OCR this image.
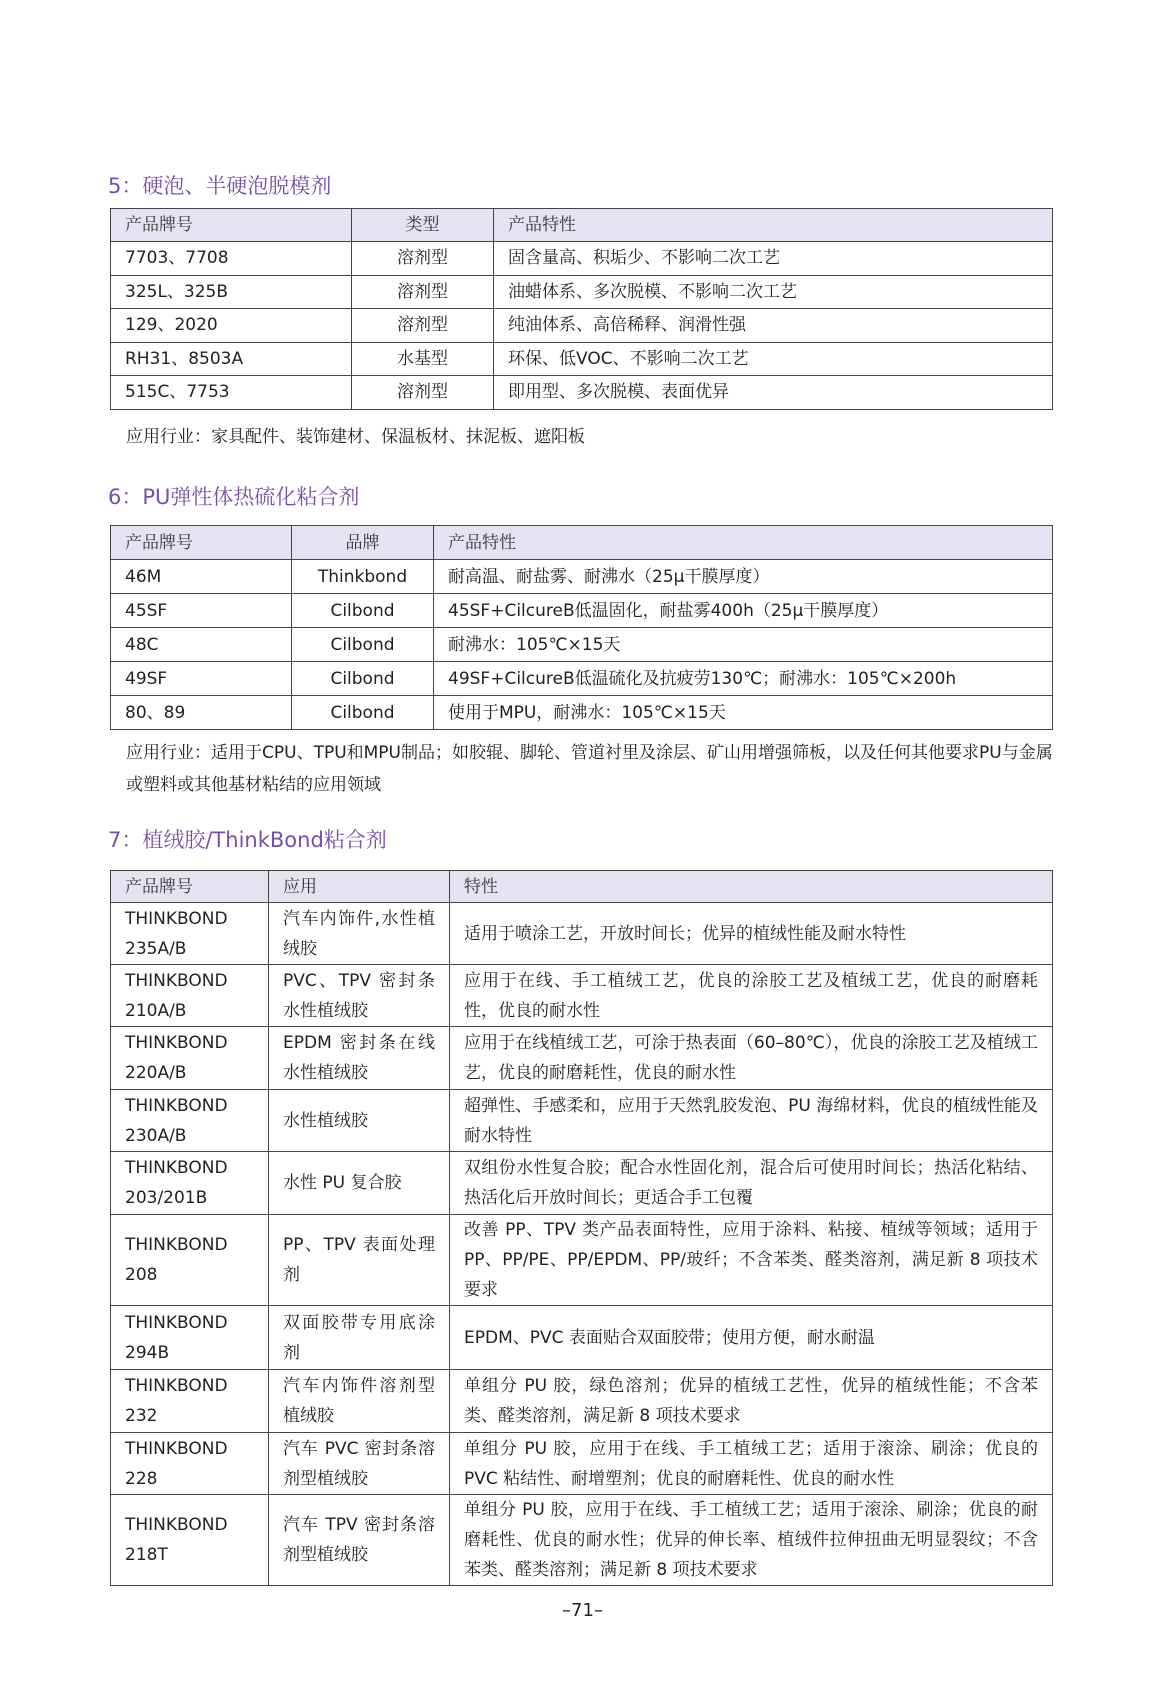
5：硬泡、半硬泡脱模剂
产品牌号	类型	产品特性
7703、7708	溶剂型	固含量高、积垢少、不影响二次工艺
325L、325B	溶剂型	油蜡体系、多次脱模、不影响二次工艺
129、2020	溶剂型	纯油体系、高倍稀释、润滑性强
RH31、8503A	水基型	环保、低VOC、不影响二次工艺
515C、7753	溶剂型	即用型、多次脱模、表面优异
应用行业：家具配件、装饰建材、保温板材、抹泥板、遮阳板
6：PU弹性体热硫化粘合剂
产品牌号	品牌	产品特性
46M	Thinkbond	耐高温、耐盐雾、耐沸水（25μ干膜厚度）
45SF	Cilbond	45SF+CilcureB低温固化，耐盐雾400h（25μ干膜厚度）
48C	Cilbond	耐沸水：105℃×15天
49SF	Cilbond	49SF+CilcureB低温硫化及抗疲劳130℃；耐沸水：105℃×200h
80、89	Cilbond	使用于MPU，耐沸水：105℃×15天
应用行业：适用于CPU、TPU和MPU制品；如胶辊、脚轮、管道衬里及涂层、矿山用增强筛板，以及任何其他要求PU与金属或塑料或其他基材粘结的应用领域
7：植绒胶/ThinkBond粘合剂
产品牌号	应用	特性
THINKBOND 235A/B	汽车内饰件,水性植绒胶	适用于喷涂工艺，开放时间长；优异的植绒性能及耐水特性
THINKBOND 210A/B	PVC、TPV 密封条水性植绒胶	应用于在线、手工植绒工艺，优良的涂胶工艺及植绒工艺，优良的耐磨耗性，优良的耐水性
THINKBOND 220A/B	EPDM 密封条在线水性植绒胶	应用于在线植绒工艺，可涂于热表面（60–80℃），优良的涂胶工艺及植绒工艺，优良的耐磨耗性，优良的耐水性
THINKBOND 230A/B	水性植绒胶	超弹性、手感柔和，应用于天然乳胶发泡、PU 海绵材料，优良的植绒性能及耐水特性
THINKBOND 203/201B	水性 PU 复合胶	双组份水性复合胶；配合水性固化剂，混合后可使用时间长；热活化粘结、热活化后开放时间长；更适合手工包覆
THINKBOND 208	PP、TPV 表面处理剂	改善 PP、TPV 类产品表面特性，应用于涂料、粘接、植绒等领域；适用于 PP、PP/PE、PP/EPDM、PP/玻纤；不含苯类、醛类溶剂，满足新 8 项技术要求
THINKBOND 294B	双面胶带专用底涂剂	EPDM、PVC 表面贴合双面胶带；使用方便，耐水耐温
THINKBOND 232	汽车内饰件溶剂型植绒胶	单组分 PU 胶，绿色溶剂；优异的植绒工艺性，优异的植绒性能；不含苯类、醛类溶剂，满足新 8 项技术要求
THINKBOND 228	汽车 PVC 密封条溶剂型植绒胶	单组分 PU 胶，应用于在线、手工植绒工艺；适用于滚涂、刷涂；优良的 PVC 粘结性、耐增塑剂；优良的耐磨耗性、优良的耐水性
THINKBOND 218T	汽车 TPV 密封条溶剂型植绒胶	单组分 PU 胶，应用于在线、手工植绒工艺；适用于滚涂、刷涂；优良的耐磨耗性、优良的耐水性；优异的伸长率、植绒件拉伸扭曲无明显裂纹；不含苯类、醛类溶剂；满足新 8 项技术要求
–71–
